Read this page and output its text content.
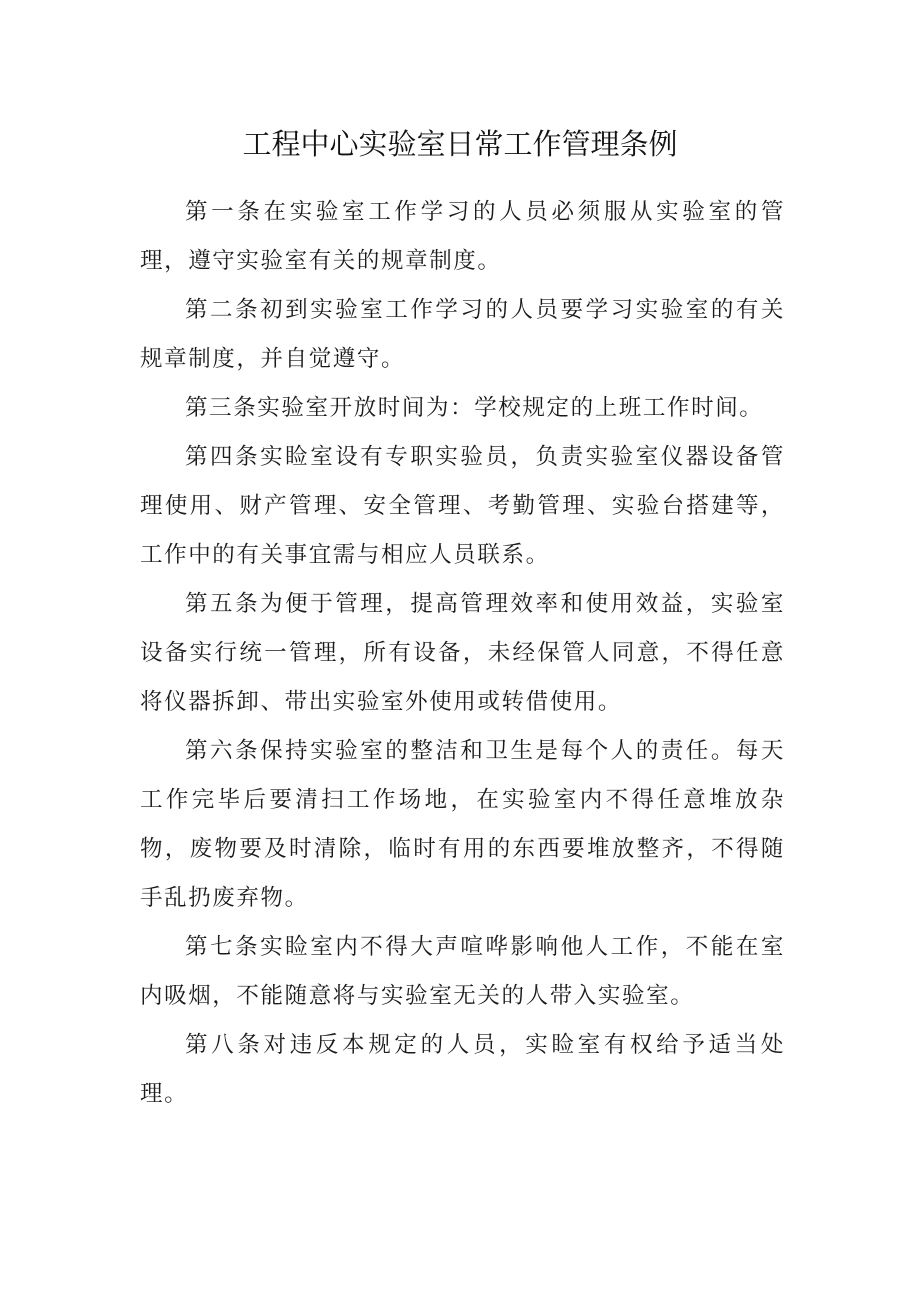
工程中心实验室日常工作管理条例

第一条在实验室工作学习的人员必须服从实验室的管理，遵守实验室有关的规章制度。

第二条初到实验室工作学习的人员要学习实验室的有关规章制度，并自觉遵守。

第三条实验室开放时间为：学校规定的上班工作时间。

第四条实睑室设有专职实验员，负责实验室仪器设备管理使用、财产管理、安全管理、考勤管理、实验台搭建等，工作中的有关事宜需与相应人员联系。

第五条为便于管理，提高管理效率和使用效益，实验室设备实行统一管理，所有设备，未经保管人同意，不得任意将仪器拆卸、带出实验室外使用或转借使用。

第六条保持实验室的整洁和卫生是每个人的责任。每天工作完毕后要清扫工作场地，在实验室内不得任意堆放杂物，废物要及时清除，临时有用的东西要堆放整齐，不得随手乱扔废弃物。

第七条实睑室内不得大声喧哗影响他人工作，不能在室内吸烟，不能随意将与实验室无关的人带入实验室。

第八条对违反本规定的人员，实睑室有权给予适当处理。
